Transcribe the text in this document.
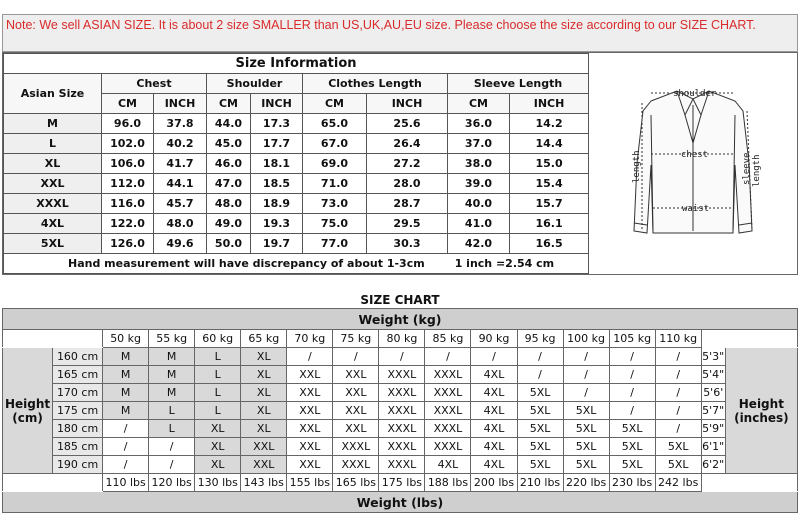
Note: We sell ASIAN SIZE. It is about 2 size SMALLER than US,UK,AU,EU size. Please choose the size according to our SIZE CHART.
Size Information								
Asian Size	Chest		Shoulder		Clothes Length		Sleeve Length	
	CM	INCH	CM	INCH	CM	INCH	CM	INCH
M	96.0	37.8	44.0	17.3	65.0	25.6	36.0	14.2
L	102.0	40.2	45.0	17.7	67.0	26.4	37.0	14.4
XL	106.0	41.7	46.0	18.1	69.0	27.2	38.0	15.0
XXL	112.0	44.1	47.0	18.5	71.0	28.0	39.0	15.4
XXXL	116.0	45.7	48.0	18.9	73.0	28.7	40.0	15.7
4XL	122.0	48.0	49.0	19.3	75.0	29.5	41.0	16.1
5XL	126.0	49.6	50.0	19.7	77.0	30.3	42.0	16.5
Hand measurement will have discrepancy of about 1-3cm 1 inch =2.54 cm								
shoulder
chest
waist
length	sleeve length
SIZE CHART
Weight (kg)																
		50 kg	55 kg	60 kg	65 kg	70 kg	75 kg	80 kg	85 kg	90 kg	95 kg	100 kg	105 kg	110 kg		
Height (cm)	160 cm	M	M	L	XL	/	/	/	/	/	/	/	/	/	5'3"	Height (inches)
	165 cm	M	M	L	XL	XXL	XXL	XXXL	XXXL	4XL	/	/	/	/	5'4"	
	170 cm	M	M	L	XL	XXL	XXL	XXXL	XXXL	4XL	5XL	/	/	/	5'6'	
	175 cm	M	L	L	XL	XXL	XXL	XXXL	XXXL	4XL	5XL	5XL	/	/	5'7"	
	180 cm	/	L	XL	XL	XXL	XXL	XXXL	XXXL	4XL	5XL	5XL	5XL	/	5'9"	
	185 cm	/	/	XL	XXL	XXL	XXXL	XXXL	XXXL	4XL	5XL	5XL	5XL	5XL	6'1"	
	190 cm	/	/	XL	XXL	XXL	XXXL	XXXL	4XL	4XL	5XL	5XL	5XL	5XL	6'2"	
		110 lbs	120 lbs	130 lbs	143 lbs	155 lbs	165 lbs	175 lbs	188 lbs	200 lbs	210 lbs	220 lbs	230 lbs	242 lbs		
Weight (lbs)																
